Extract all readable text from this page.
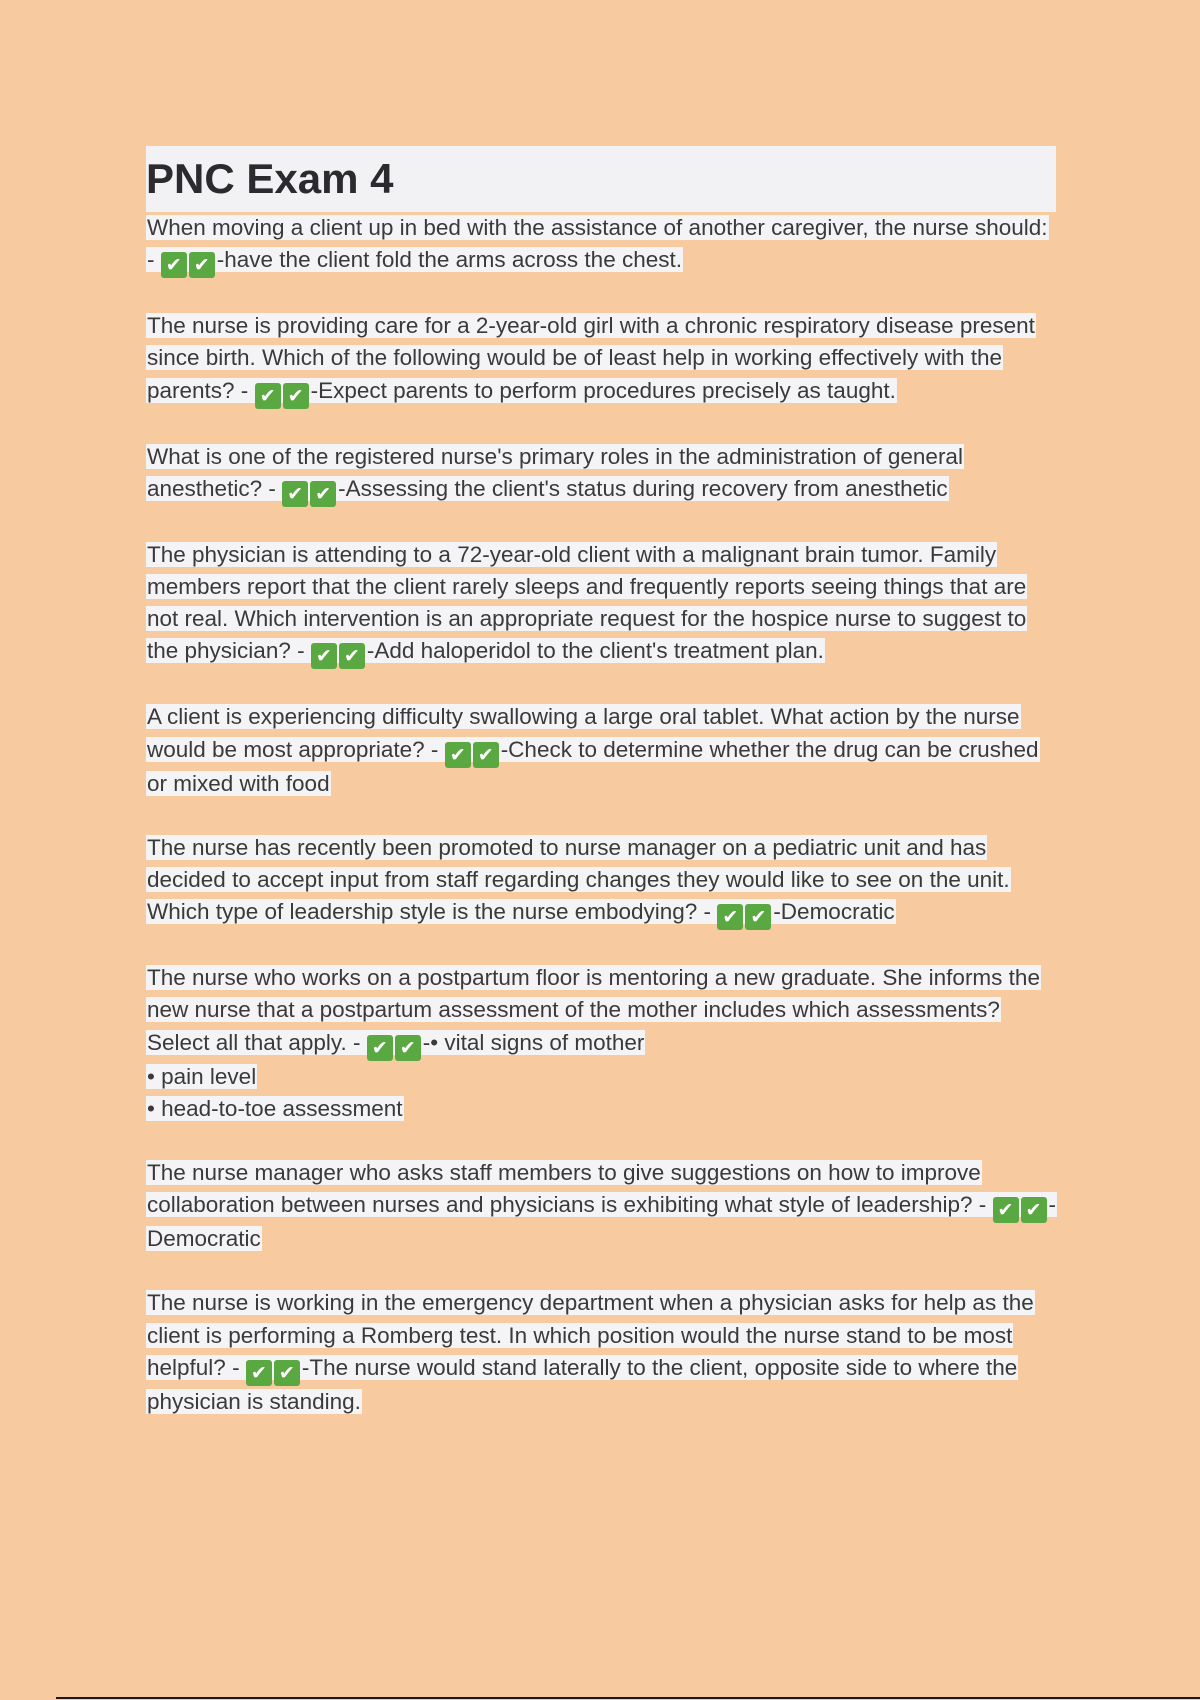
PNC Exam 4

When moving a client up in bed with the assistance of another caregiver, the nurse should: - ✔ ✔ -have the client fold the arms across the chest.

The nurse is providing care for a 2-year-old girl with a chronic respiratory disease present since birth. Which of the following would be of least help in working effectively with the parents? - ✔ ✔ -Expect parents to perform procedures precisely as taught.

What is one of the registered nurse's primary roles in the administration of general anesthetic? - ✔ ✔ -Assessing the client's status during recovery from anesthetic

The physician is attending to a 72-year-old client with a malignant brain tumor. Family members report that the client rarely sleeps and frequently reports seeing things that are not real. Which intervention is an appropriate request for the hospice nurse to suggest to the physician? - ✔ ✔ -Add haloperidol to the client's treatment plan.

A client is experiencing difficulty swallowing a large oral tablet. What action by the nurse would be most appropriate? - ✔ ✔ -Check to determine whether the drug can be crushed or mixed with food

The nurse has recently been promoted to nurse manager on a pediatric unit and has decided to accept input from staff regarding changes they would like to see on the unit. Which type of leadership style is the nurse embodying? - ✔ ✔ -Democratic

The nurse who works on a postpartum floor is mentoring a new graduate. She informs the new nurse that a postpartum assessment of the mother includes which assessments? Select all that apply. - ✔ ✔ -• vital signs of mother
• pain level
• head-to-toe assessment

The nurse manager who asks staff members to give suggestions on how to improve collaboration between nurses and physicians is exhibiting what style of leadership? - ✔ ✔ -Democratic

The nurse is working in the emergency department when a physician asks for help as the client is performing a Romberg test. In which position would the nurse stand to be most helpful? - ✔ ✔ -The nurse would stand laterally to the client, opposite side to where the physician is standing.
